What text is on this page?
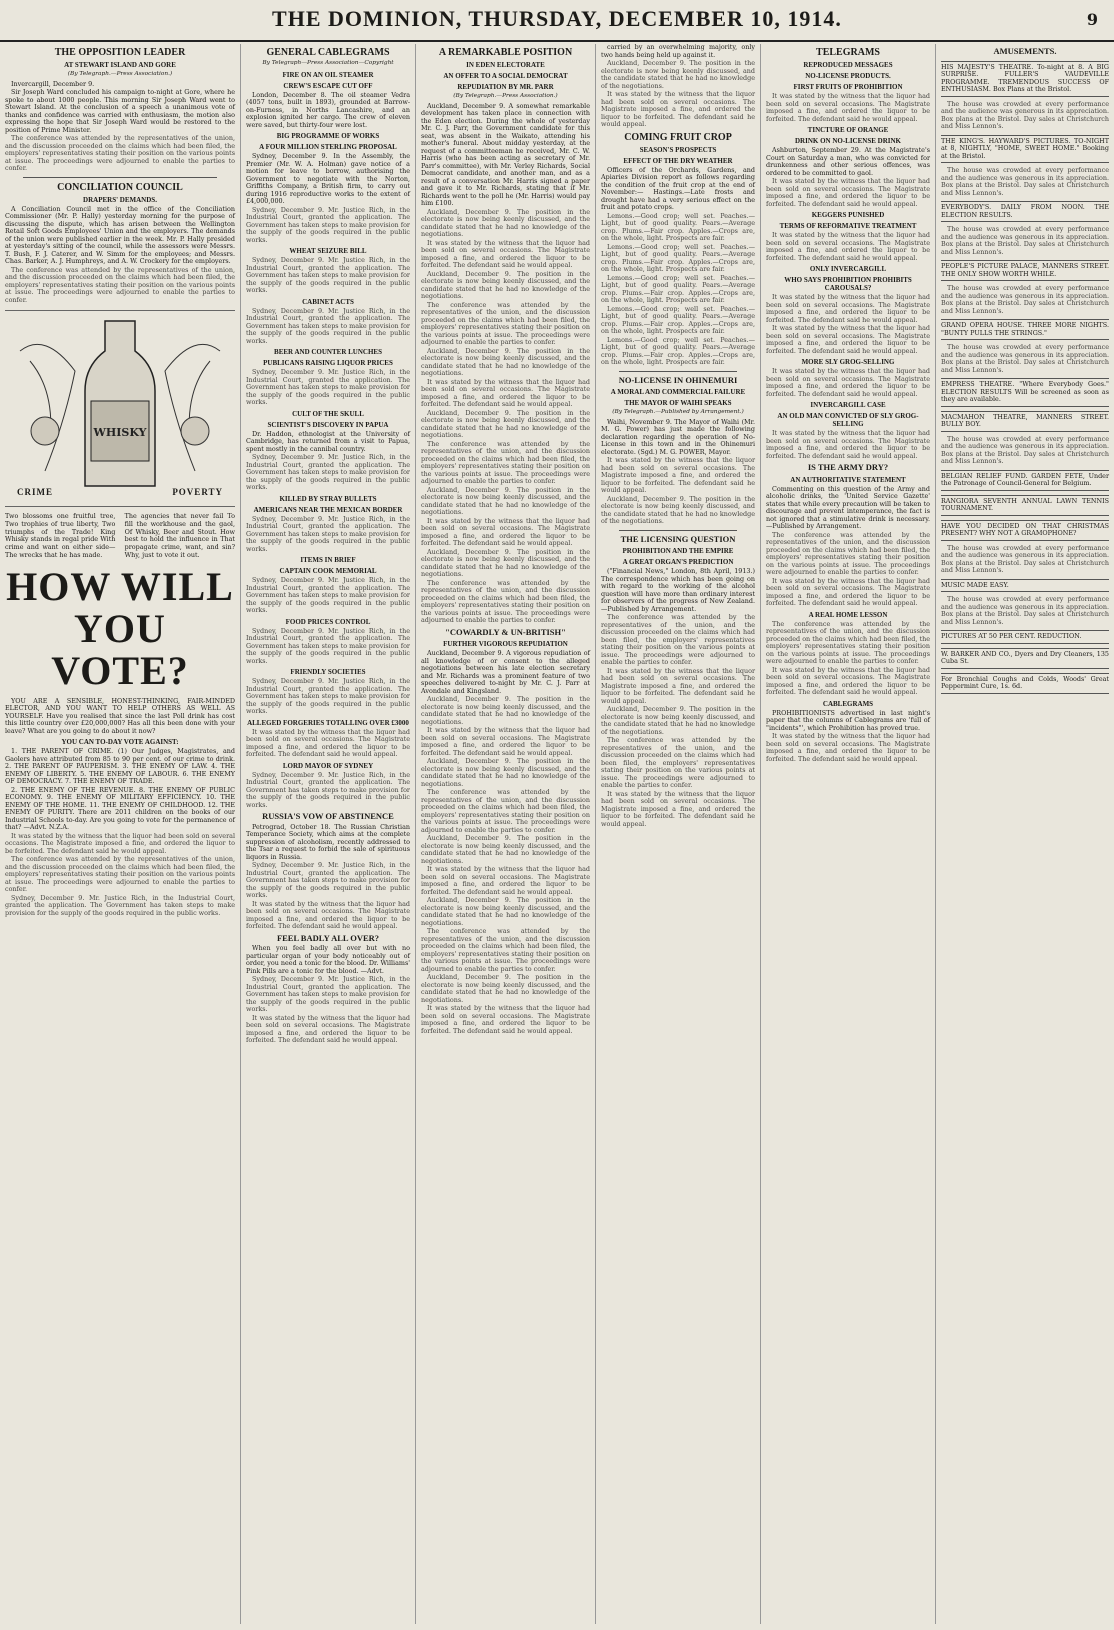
THE DOMINION, THURSDAY, DECEMBER 10, 1914.	9
THE OPPOSITION LEADER
AT STEWART ISLAND AND GORE
(By Telegraph.—Press Association.)
Invercargill, December 9.
Sir Joseph Ward concluded his campaign to-night at Gore, where he spoke to about 1000 people. This morning Sir Joseph Ward went to Stewart Island. At the conclusion of a speech a unanimous vote of thanks and confidence was carried with enthusiasm, the motion also expressing the hope that Sir Joseph Ward would be restored to the position of Prime Minister.
The conference was attended by the representatives of the union, and the discussion proceeded on the claims which had been filed, the employers' representatives stating their position on the various points at issue. The proceedings were adjourned to enable the parties to confer.
CONCILIATION COUNCIL
DRAPERS' DEMANDS.
A Conciliation Council met in the office of the Conciliation Commissioner (Mr. P. Hally) yesterday morning for the purpose of discussing the dispute, which has arisen between the Wellington Retail Soft Goods Employees' Union and the employers. The demands of the union were published earlier in the week. Mr. P. Hally presided at yesterday's sitting of the council, while the assessors were Messrs. T. Bush, F. J. Caterer, and W. Simm for the employees; and Messrs. Chas. Barker, A. J. Humphreys, and A. W. Crockery for the employers.
The conference was attended by the representatives of the union, and the discussion proceeded on the claims which had been filed, the employers' representatives stating their position on the various points at issue. The proceedings were adjourned to enable the parties to confer.
WHISKY
CRIME	POVERTY
Two blossoms one fruitful tree, Two trophies of true liberty, Two triumphs of the Trade! King Whisky stands in regal pride With crime and want on either side— The wrecks that he has made.
The agencies that never fail To fill the workhouse and the gaol, Of Whisky, Beer and Stout. How best to hold the influence in That propagate crime, want, and sin? Why, just to vote it out.
HOW WILL YOU VOTE?
YOU ARE A SENSIBLE, HONEST-THINKING, FAIR-MINDED ELECTOR, AND YOU WANT TO HELP OTHERS AS WELL AS YOURSELF. Have you realised that since the last Poll drink has cost this little country over £20,000,000? Has all this been done with your leave? What are you going to do about it now?
YOU CAN TO-DAY VOTE AGAINST:
1. THE PARENT OF CRIME. (1) Our Judges, Magistrates, and Gaolers have attributed from 85 to 90 per cent. of our crime to drink. 2. THE PARENT OF PAUPERISM. 3. THE ENEMY OF LAW. 4. THE ENEMY OF LIBERTY. 5. THE ENEMY OF LABOUR. 6. THE ENEMY OF DEMOCRACY. 7. THE ENEMY OF TRADE.
2. THE ENEMY OF THE REVENUE. 8. THE ENEMY OF PUBLIC ECONOMY. 9. THE ENEMY OF MILITARY EFFICIENCY. 10. THE ENEMY OF THE HOME. 11. THE ENEMY OF CHILDHOOD. 12. THE ENEMY OF PURITY. There are 2011 children on the books of our Industrial Schools to-day. Are you going to vote for the permanence of that? —Advt. N.Z.A.
It was stated by the witness that the liquor had been sold on several occasions. The Magistrate imposed a fine, and ordered the liquor to be forfeited. The defendant said he would appeal.
The conference was attended by the representatives of the union, and the discussion proceeded on the claims which had been filed, the employers' representatives stating their position on the various points at issue. The proceedings were adjourned to enable the parties to confer.
Sydney, December 9. Mr. Justice Rich, in the Industrial Court, granted the application. The Government has taken steps to make provision for the supply of the goods required in the public works.
GENERAL CABLEGRAMS
By Telegraph—Press Association—Copyright
FIRE ON AN OIL STEAMER
CREW'S ESCAPE CUT OFF
London, December 8. The oil steamer Vedra (4057 tons, built in 1893), grounded at Barrow-on-Furness, in Norths Lancashire, and an explosion ignited her cargo. The crew of eleven were saved, but thirty-four were lost.
BIG PROGRAMME OF WORKS
A FOUR MILLION STERLING PROPOSAL
Sydney, December 9. In the Assembly, the Premier (Mr. W. A. Holman) gave notice of a motion for leave to borrow, authorising the Government to negotiate with the Norton, Griffiths Company, a British firm, to carry out during 1916 reproductive works to the extent of £4,000,000.
Sydney, December 9. Mr. Justice Rich, in the Industrial Court, granted the application. The Government has taken steps to make provision for the supply of the goods required in the public works.
WHEAT SEIZURE BILL
Sydney, December 9. Mr. Justice Rich, in the Industrial Court, granted the application. The Government has taken steps to make provision for the supply of the goods required in the public works.
CABINET ACTS
Sydney, December 9. Mr. Justice Rich, in the Industrial Court, granted the application. The Government has taken steps to make provision for the supply of the goods required in the public works.
BEER AND COUNTER LUNCHES
PUBLICANS RAISING LIQUOR PRICES
Sydney, December 9. Mr. Justice Rich, in the Industrial Court, granted the application. The Government has taken steps to make provision for the supply of the goods required in the public works.
CULT OF THE SKULL
SCIENTIST'S DISCOVERY IN PAPUA
Dr. Haddon, ethnologist at the University of Cambridge, has returned from a visit to Papua, spent mostly in the cannibal country.
Sydney, December 9. Mr. Justice Rich, in the Industrial Court, granted the application. The Government has taken steps to make provision for the supply of the goods required in the public works.
KILLED BY STRAY BULLETS
AMERICANS NEAR THE MEXICAN BORDER
Sydney, December 9. Mr. Justice Rich, in the Industrial Court, granted the application. The Government has taken steps to make provision for the supply of the goods required in the public works.
ITEMS IN BRIEF
CAPTAIN COOK MEMORIAL
Sydney, December 9. Mr. Justice Rich, in the Industrial Court, granted the application. The Government has taken steps to make provision for the supply of the goods required in the public works.
FOOD PRICES CONTROL
Sydney, December 9. Mr. Justice Rich, in the Industrial Court, granted the application. The Government has taken steps to make provision for the supply of the goods required in the public works.
FRIENDLY SOCIETIES
Sydney, December 9. Mr. Justice Rich, in the Industrial Court, granted the application. The Government has taken steps to make provision for the supply of the goods required in the public works.
ALLEGED FORGERIES TOTALLING OVER £3000
It was stated by the witness that the liquor had been sold on several occasions. The Magistrate imposed a fine, and ordered the liquor to be forfeited. The defendant said he would appeal.
LORD MAYOR OF SYDNEY
Sydney, December 9. Mr. Justice Rich, in the Industrial Court, granted the application. The Government has taken steps to make provision for the supply of the goods required in the public works.
RUSSIA'S VOW OF ABSTINENCE
Petrograd, October 18. The Russian Christian Temperance Society, which aims at the complete suppression of alcoholism, recently addressed to the Tsar a request to forbid the sale of spirituous liquors in Russia.
Sydney, December 9. Mr. Justice Rich, in the Industrial Court, granted the application. The Government has taken steps to make provision for the supply of the goods required in the public works.
It was stated by the witness that the liquor had been sold on several occasions. The Magistrate imposed a fine, and ordered the liquor to be forfeited. The defendant said he would appeal.
FEEL BADLY ALL OVER?
When you feel badly all over but with no particular organ of your body noticeably out of order, you need a tonic for the blood. Dr. Williams' Pink Pills are a tonic for the blood. —Advt.
Sydney, December 9. Mr. Justice Rich, in the Industrial Court, granted the application. The Government has taken steps to make provision for the supply of the goods required in the public works.
It was stated by the witness that the liquor had been sold on several occasions. The Magistrate imposed a fine, and ordered the liquor to be forfeited. The defendant said he would appeal.
A REMARKABLE POSITION
IN EDEN ELECTORATE
AN OFFER TO A SOCIAL DEMOCRAT
REPUDIATION BY MR. PARR
(By Telegraph.—Press Association.)
Auckland, December 9. A somewhat remarkable development has taken place in connection with the Eden election. During the whole of yesterday Mr. C. J. Parr, the Government candidate for this seat, was absent in the Waikato, attending his mother's funeral. About midday yesterday, at the request of a committeeman he received, Mr. C. W. Harris (who has been acting as secretary of Mr. Parr's committee), with Mr. Verley Richards, Social Democrat candidate, and another man, and as a result of a conversation Mr. Harris signed a paper and gave it to Mr. Richards, stating that if Mr. Richards went to the poll he (Mr. Harris) would pay him £100.
Auckland, December 9. The position in the electorate is now being keenly discussed, and the candidate stated that he had no knowledge of the negotiations.
It was stated by the witness that the liquor had been sold on several occasions. The Magistrate imposed a fine, and ordered the liquor to be forfeited. The defendant said he would appeal.
Auckland, December 9. The position in the electorate is now being keenly discussed, and the candidate stated that he had no knowledge of the negotiations.
The conference was attended by the representatives of the union, and the discussion proceeded on the claims which had been filed, the employers' representatives stating their position on the various points at issue. The proceedings were adjourned to enable the parties to confer.
Auckland, December 9. The position in the electorate is now being keenly discussed, and the candidate stated that he had no knowledge of the negotiations.
It was stated by the witness that the liquor had been sold on several occasions. The Magistrate imposed a fine, and ordered the liquor to be forfeited. The defendant said he would appeal.
Auckland, December 9. The position in the electorate is now being keenly discussed, and the candidate stated that he had no knowledge of the negotiations.
The conference was attended by the representatives of the union, and the discussion proceeded on the claims which had been filed, the employers' representatives stating their position on the various points at issue. The proceedings were adjourned to enable the parties to confer.
Auckland, December 9. The position in the electorate is now being keenly discussed, and the candidate stated that he had no knowledge of the negotiations.
It was stated by the witness that the liquor had been sold on several occasions. The Magistrate imposed a fine, and ordered the liquor to be forfeited. The defendant said he would appeal.
Auckland, December 9. The position in the electorate is now being keenly discussed, and the candidate stated that he had no knowledge of the negotiations.
The conference was attended by the representatives of the union, and the discussion proceeded on the claims which had been filed, the employers' representatives stating their position on the various points at issue. The proceedings were adjourned to enable the parties to confer.
"COWARDLY & UN-BRITISH"
FURTHER VIGOROUS REPUDIATION
Auckland, December 9. A vigorous repudiation of all knowledge of or consent to the alleged negotiations between his late election secretary and Mr. Richards was a prominent feature of two speeches delivered to-night by Mr. C. J. Parr at Avondale and Kingsland.
Auckland, December 9. The position in the electorate is now being keenly discussed, and the candidate stated that he had no knowledge of the negotiations.
It was stated by the witness that the liquor had been sold on several occasions. The Magistrate imposed a fine, and ordered the liquor to be forfeited. The defendant said he would appeal.
Auckland, December 9. The position in the electorate is now being keenly discussed, and the candidate stated that he had no knowledge of the negotiations.
The conference was attended by the representatives of the union, and the discussion proceeded on the claims which had been filed, the employers' representatives stating their position on the various points at issue. The proceedings were adjourned to enable the parties to confer.
Auckland, December 9. The position in the electorate is now being keenly discussed, and the candidate stated that he had no knowledge of the negotiations.
It was stated by the witness that the liquor had been sold on several occasions. The Magistrate imposed a fine, and ordered the liquor to be forfeited. The defendant said he would appeal.
Auckland, December 9. The position in the electorate is now being keenly discussed, and the candidate stated that he had no knowledge of the negotiations.
The conference was attended by the representatives of the union, and the discussion proceeded on the claims which had been filed, the employers' representatives stating their position on the various points at issue. The proceedings were adjourned to enable the parties to confer.
Auckland, December 9. The position in the electorate is now being keenly discussed, and the candidate stated that he had no knowledge of the negotiations.
It was stated by the witness that the liquor had been sold on several occasions. The Magistrate imposed a fine, and ordered the liquor to be forfeited. The defendant said he would appeal.
carried by an overwhelming majority, only two hands being held up against it.
Auckland, December 9. The position in the electorate is now being keenly discussed, and the candidate stated that he had no knowledge of the negotiations.
It was stated by the witness that the liquor had been sold on several occasions. The Magistrate imposed a fine, and ordered the liquor to be forfeited. The defendant said he would appeal.
COMING FRUIT CROP
SEASON'S PROSPECTS
EFFECT OF THE DRY WEATHER
Officers of the Orchards, Gardens, and Apiaries Division report as follows regarding the condition of the fruit crop at the end of November:— Hastings.—Late frosts and drought have had a very serious effect on the fruit and potato crops.
Lemons.—Good crop; well set. Peaches.—Light, but of good quality. Pears.—Average crop. Plums.—Fair crop. Apples.—Crops are, on the whole, light. Prospects are fair.
Lemons.—Good crop; well set. Peaches.—Light, but of good quality. Pears.—Average crop. Plums.—Fair crop. Apples.—Crops are, on the whole, light. Prospects are fair.
Lemons.—Good crop; well set. Peaches.—Light, but of good quality. Pears.—Average crop. Plums.—Fair crop. Apples.—Crops are, on the whole, light. Prospects are fair.
Lemons.—Good crop; well set. Peaches.—Light, but of good quality. Pears.—Average crop. Plums.—Fair crop. Apples.—Crops are, on the whole, light. Prospects are fair.
Lemons.—Good crop; well set. Peaches.—Light, but of good quality. Pears.—Average crop. Plums.—Fair crop. Apples.—Crops are, on the whole, light. Prospects are fair.
NO-LICENSE IN OHINEMURI
A MORAL AND COMMERCIAL FAILURE
THE MAYOR OF WAIHI SPEAKS
(By Telegraph.—Published by Arrangement.)
Waihi, November 9. The Mayor of Waihi (Mr. M. G. Power) has just made the following declaration regarding the operation of No-License in this town and in the Ohinemuri electorate. (Sgd.) M. G. POWER, Mayor.
It was stated by the witness that the liquor had been sold on several occasions. The Magistrate imposed a fine, and ordered the liquor to be forfeited. The defendant said he would appeal.
Auckland, December 9. The position in the electorate is now being keenly discussed, and the candidate stated that he had no knowledge of the negotiations.
THE LICENSING QUESTION
PROHIBITION AND THE EMPIRE
A GREAT ORGAN'S PREDICTION
("Financial News," London, 8th April, 1913.) The correspondence which has been going on with regard to the working of the alcohol question will have more than ordinary interest for observers of the progress of New Zealand. —Published by Arrangement.
The conference was attended by the representatives of the union, and the discussion proceeded on the claims which had been filed, the employers' representatives stating their position on the various points at issue. The proceedings were adjourned to enable the parties to confer.
It was stated by the witness that the liquor had been sold on several occasions. The Magistrate imposed a fine, and ordered the liquor to be forfeited. The defendant said he would appeal.
Auckland, December 9. The position in the electorate is now being keenly discussed, and the candidate stated that he had no knowledge of the negotiations.
The conference was attended by the representatives of the union, and the discussion proceeded on the claims which had been filed, the employers' representatives stating their position on the various points at issue. The proceedings were adjourned to enable the parties to confer.
It was stated by the witness that the liquor had been sold on several occasions. The Magistrate imposed a fine, and ordered the liquor to be forfeited. The defendant said he would appeal.
TELEGRAMS
REPRODUCED MESSAGES
NO-LICENSE PRODUCTS.
FIRST FRUITS OF PROHIBITION
It was stated by the witness that the liquor had been sold on several occasions. The Magistrate imposed a fine, and ordered the liquor to be forfeited. The defendant said he would appeal.
TINCTURE OF ORANGE
DRINK ON NO-LICENSE DRINK
Ashburton, September 29. At the Magistrate's Court on Saturday a man, who was convicted for drunkenness and other serious offences, was ordered to be committed to gaol.
It was stated by the witness that the liquor had been sold on several occasions. The Magistrate imposed a fine, and ordered the liquor to be forfeited. The defendant said he would appeal.
KEGGERS PUNISHED
TERMS OF REFORMATIVE TREATMENT
It was stated by the witness that the liquor had been sold on several occasions. The Magistrate imposed a fine, and ordered the liquor to be forfeited. The defendant said he would appeal.
ONLY INVERCARGILL
WHO SAYS PROHIBITION PROHIBITS CAROUSALS?
It was stated by the witness that the liquor had been sold on several occasions. The Magistrate imposed a fine, and ordered the liquor to be forfeited. The defendant said he would appeal.
It was stated by the witness that the liquor had been sold on several occasions. The Magistrate imposed a fine, and ordered the liquor to be forfeited. The defendant said he would appeal.
MORE SLY GROG-SELLING
It was stated by the witness that the liquor had been sold on several occasions. The Magistrate imposed a fine, and ordered the liquor to be forfeited. The defendant said he would appeal.
INVERCARGILL CASE
AN OLD MAN CONVICTED OF SLY GROG-SELLING
It was stated by the witness that the liquor had been sold on several occasions. The Magistrate imposed a fine, and ordered the liquor to be forfeited. The defendant said he would appeal.
IS THE ARMY DRY?
AN AUTHORITATIVE STATEMENT
Commenting on this question of the Army and alcoholic drinks, the 'United Service Gazette' states that while every precaution will be taken to discourage and prevent intemperance, the fact is not ignored that a stimulative drink is necessary. —Published by Arrangement.
The conference was attended by the representatives of the union, and the discussion proceeded on the claims which had been filed, the employers' representatives stating their position on the various points at issue. The proceedings were adjourned to enable the parties to confer.
It was stated by the witness that the liquor had been sold on several occasions. The Magistrate imposed a fine, and ordered the liquor to be forfeited. The defendant said he would appeal.
A REAL HOME LESSON
The conference was attended by the representatives of the union, and the discussion proceeded on the claims which had been filed, the employers' representatives stating their position on the various points at issue. The proceedings were adjourned to enable the parties to confer.
It was stated by the witness that the liquor had been sold on several occasions. The Magistrate imposed a fine, and ordered the liquor to be forfeited. The defendant said he would appeal.
CABLEGRAMS
PROHIBITIONISTS advertised in last night's paper that the columns of Cablegrams are 'full of "incidents"', which Prohibition has proved true.
It was stated by the witness that the liquor had been sold on several occasions. The Magistrate imposed a fine, and ordered the liquor to be forfeited. The defendant said he would appeal.
AMUSEMENTS.
HIS MAJESTY'S THEATRE. To-night at 8. A BIG SURPRISE. FULLER'S VAUDEVILLE PROGRAMME. TREMENDOUS SUCCESS OF ENTHUSIASM. Box Plans at the Bristol.
The house was crowded at every performance and the audience was generous in its appreciation. Box plans at the Bristol. Day sales at Christchurch and Miss Lennon's.
THE KING'S. HAYWARD'S PICTURES. TO-NIGHT at 8, NIGHTLY, "HOME, SWEET HOME." Booking at the Bristol.
The house was crowded at every performance and the audience was generous in its appreciation. Box plans at the Bristol. Day sales at Christchurch and Miss Lennon's.
EVERYBODY'S. DAILY FROM NOON. THE ELECTION RESULTS.
The house was crowded at every performance and the audience was generous in its appreciation. Box plans at the Bristol. Day sales at Christchurch and Miss Lennon's.
PEOPLE'S PICTURE PALACE, MANNERS STREET. THE ONLY SHOW WORTH WHILE.
The house was crowded at every performance and the audience was generous in its appreciation. Box plans at the Bristol. Day sales at Christchurch and Miss Lennon's.
GRAND OPERA HOUSE. THREE MORE NIGHTS. "BUNTY PULLS THE STRINGS."
The house was crowded at every performance and the audience was generous in its appreciation. Box plans at the Bristol. Day sales at Christchurch and Miss Lennon's.
EMPRESS THEATRE. "Where Everybody Goes." ELECTION RESULTS Will be screened as soon as they are available.
MACMAHON THEATRE, MANNERS STREET. BULLY BOY.
The house was crowded at every performance and the audience was generous in its appreciation. Box plans at the Bristol. Day sales at Christchurch and Miss Lennon's.
BELGIAN RELIEF FUND. GARDEN FETE, Under the Patronage of Council-General for Belgium.
RANGIORA SEVENTH ANNUAL LAWN TENNIS TOURNAMENT.
HAVE YOU DECIDED ON THAT CHRISTMAS PRESENT? WHY NOT A GRAMOPHONE?
The house was crowded at every performance and the audience was generous in its appreciation. Box plans at the Bristol. Day sales at Christchurch and Miss Lennon's.
MUSIC MADE EASY.
The house was crowded at every performance and the audience was generous in its appreciation. Box plans at the Bristol. Day sales at Christchurch and Miss Lennon's.
PICTURES AT 50 PER CENT. REDUCTION.
W. BARKER AND CO., Dyers and Dry Cleaners, 135 Cuba St.
For Bronchial Coughs and Colds, Woods' Great Peppermint Cure, 1s. 6d.
